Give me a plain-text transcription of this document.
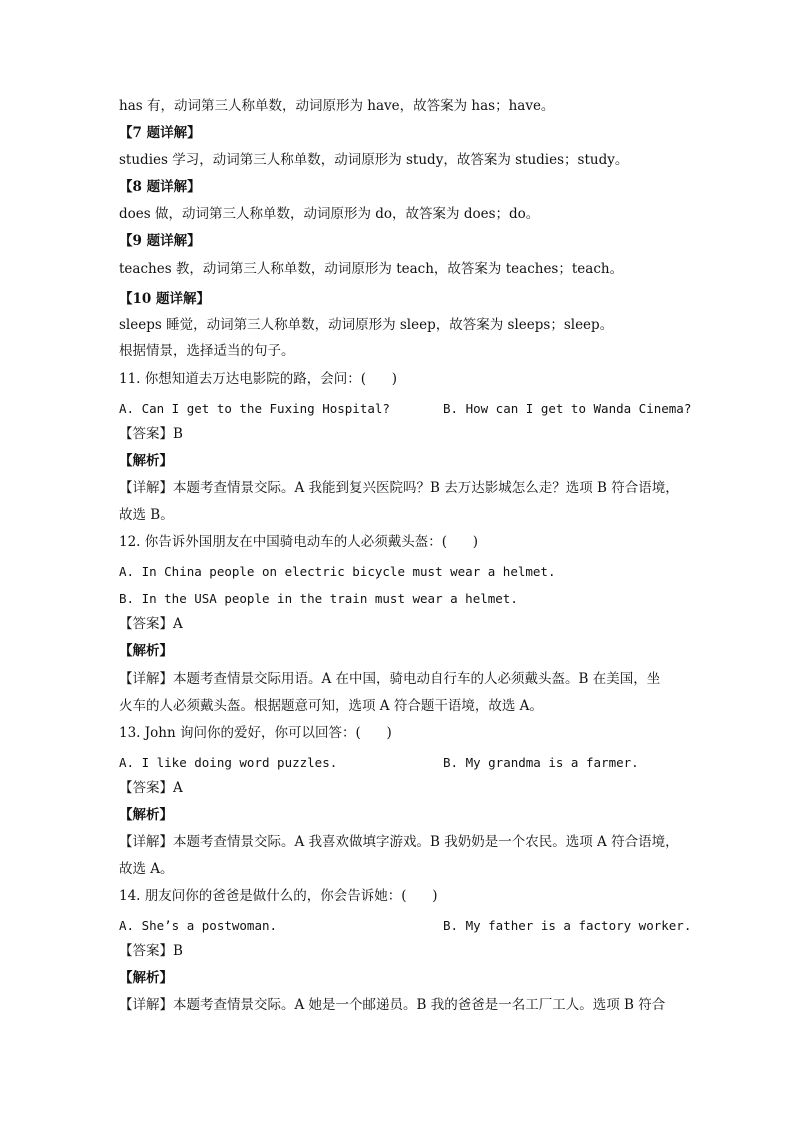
has 有，动词第三人称单数，动词原形为 have，故答案为 has；have。
【7 题详解】
studies 学习，动词第三人称单数，动词原形为 study，故答案为 studies；study。
【8 题详解】
does 做，动词第三人称单数，动词原形为 do，故答案为 does；do。
【9 题详解】
teaches 教，动词第三人称单数，动词原形为 teach，故答案为 teaches；teach。
【10 题详解】
sleeps 睡觉，动词第三人称单数，动词原形为 sleep，故答案为 sleeps；sleep。
根据情景，选择适当的句子。
11. 你想知道去万达电影院的路，会问：(      )
A. Can I get to the Fuxing Hospital?	B. How can I get to Wanda Cinema?
【答案】B
【解析】
【详解】本题考查情景交际。A 我能到复兴医院吗？B 去万达影城怎么走？选项 B 符合语境，
故选 B。
12. 你告诉外国朋友在中国骑电动车的人必须戴头盔：(      )
A. In China people on electric bicycle must wear a helmet.
B. In the USA people in the train must wear a helmet.
【答案】A
【解析】
【详解】本题考查情景交际用语。A 在中国，骑电动自行车的人必须戴头盔。B 在美国，坐
火车的人必须戴头盔。根据题意可知，选项 A 符合题干语境，故选 A。
13. John 询问你的爱好，你可以回答：(      )
A. I like doing word puzzles.	B. My grandma is a farmer.
【答案】A
【解析】
【详解】本题考查情景交际。A 我喜欢做填字游戏。B 我奶奶是一个农民。选项 A 符合语境，
故选 A。
14. 朋友问你的爸爸是做什么的，你会告诉她：(      )
A. She’s a postwoman.	B. My father is a factory worker.
【答案】B
【解析】
【详解】本题考查情景交际。A 她是一个邮递员。B 我的爸爸是一名工厂工人。选项 B 符合
